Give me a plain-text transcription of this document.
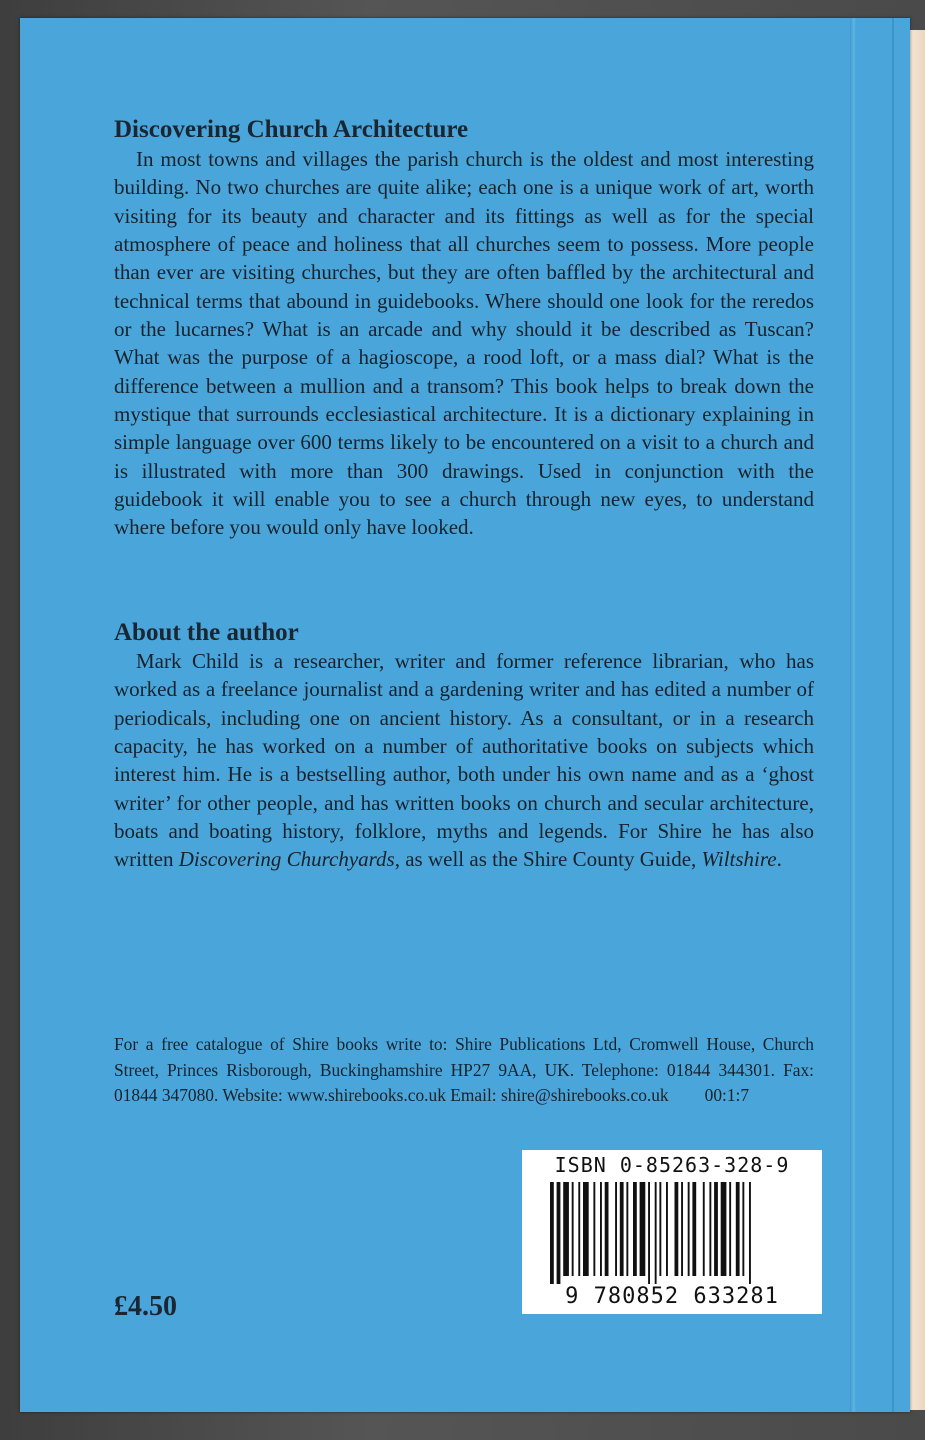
Discovering Church Architecture

In most towns and villages the parish church is the oldest and most interesting building. No two churches are quite alike; each one is a unique work of art, worth visiting for its beauty and character and its fittings as well as for the special atmosphere of peace and holiness that all churches seem to possess. More people than ever are visiting churches, but they are often baffled by the architectural and technical terms that abound in guidebooks. Where should one look for the reredos or the lucarnes? What is an arcade and why should it be described as Tuscan? What was the purpose of a hagioscope, a rood loft, or a mass dial? What is the difference between a mullion and a transom? This book helps to break down the mystique that surrounds ecclesiastical architecture. It is a dictionary explaining in simple language over 600 terms likely to be encountered on a visit to a church and is illustrated with more than 300 drawings. Used in conjunction with the guidebook it will enable you to see a church through new eyes, to understand where before you would only have looked.

About the author

Mark Child is a researcher, writer and former reference librarian, who has worked as a freelance journalist and a gardening writer and has edited a number of periodicals, including one on ancient history. As a consultant, or in a research capacity, he has worked on a number of authoritative books on subjects which interest him. He is a bestselling author, both under his own name and as a ‘ghost writer’ for other people, and has written books on church and secular architecture, boats and boating history, folklore, myths and legends. For Shire he has also written Discovering Churchyards, as well as the Shire County Guide, Wiltshire.

For a free catalogue of Shire books write to: Shire Publications Ltd, Cromwell House, Church Street, Princes Risborough, Buckinghamshire HP27 9AA, UK. Telephone: 01844 344301. Fax: 01844 347080. Website: www.shirebooks.co.uk Email: shire@shirebooks.co.uk 00:1:7

ISBN 0-85263-328-9
9 780852 633281
£4.50
